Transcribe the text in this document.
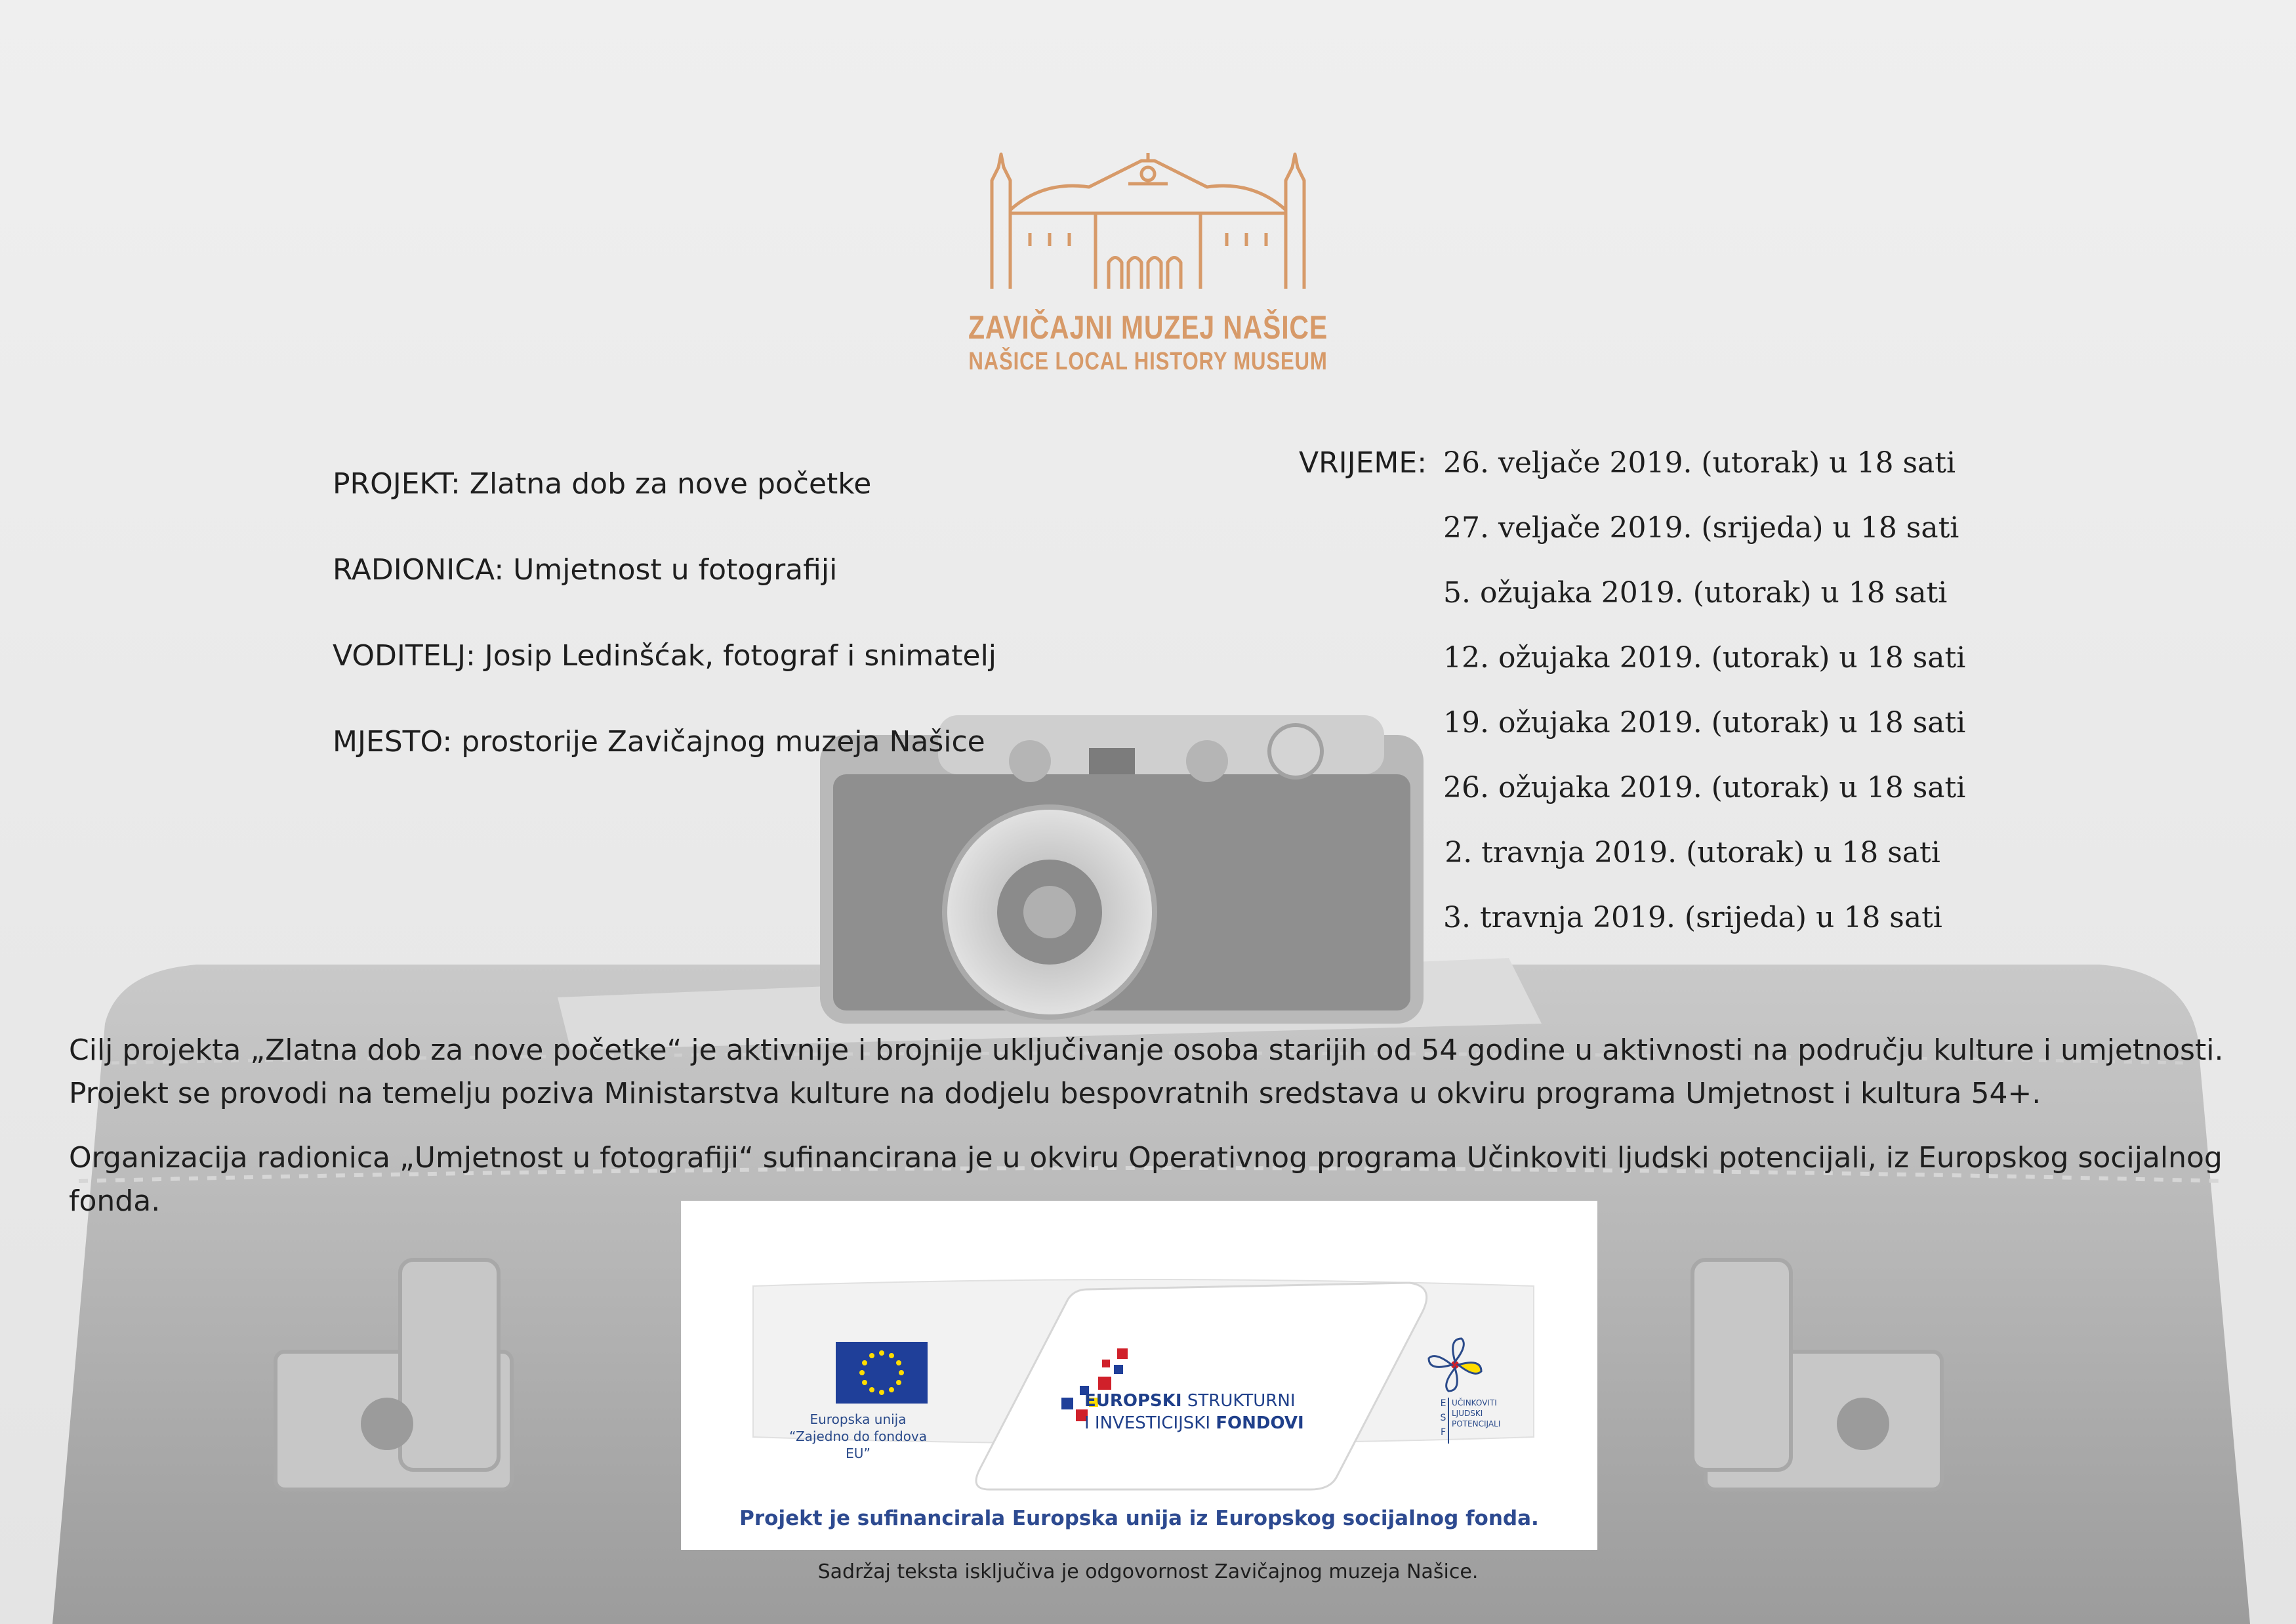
ZAVIČAJNI MUZEJ NAŠICE
NAŠICE LOCAL HISTORY MUSEUM
PROJEKT: Zlatna dob za nove početke
RADIONICA: Umjetnost u fotografiji
VODITELJ: Josip Ledinšćak, fotograf i snimatelj
MJESTO: prostorije Zavičajnog muzeja Našice
VRIJEME: 26. veljače 2019. (utorak) u 18 sati
27. veljače 2019. (srijeda) u 18 sati
5. ožujaka 2019. (utorak) u 18 sati
12. ožujaka 2019. (utorak) u 18 sati
19. ožujaka 2019. (utorak) u 18 sati
26. ožujaka 2019. (utorak) u 18 sati
2. travnja 2019. (utorak) u 18 sati
3. travnja 2019. (srijeda) u 18 sati
Cilj projekta „Zlatna dob za nove početke“ je aktivnije i brojnije uključivanje osoba starijih od 54 godine u aktivnosti na području kulture i umjetnosti. Projekt se provodi na temelju poziva Ministarstva kulture na dodjelu bespovratnih sredstava u okviru programa Umjetnost i kultura 54+.
Organizacija radionica „Umjetnost u fotografiji“ sufinancirana je u okviru Operativnog programa Učinkoviti ljudski potencijali, iz Europskog socijalnog fonda.
Europska unija
“Zajedno do fondova EU”
EUROPSKI STRUKTURNI
I INVESTICIJSKI FONDOVI
E
S
F
UČINKOVITI
LJUDSKI
POTENCIJALI
Projekt je sufinancirala Europska unija iz Europskog socijalnog fonda.
Sadržaj teksta isključiva je odgovornost Zavičajnog muzeja Našice.
